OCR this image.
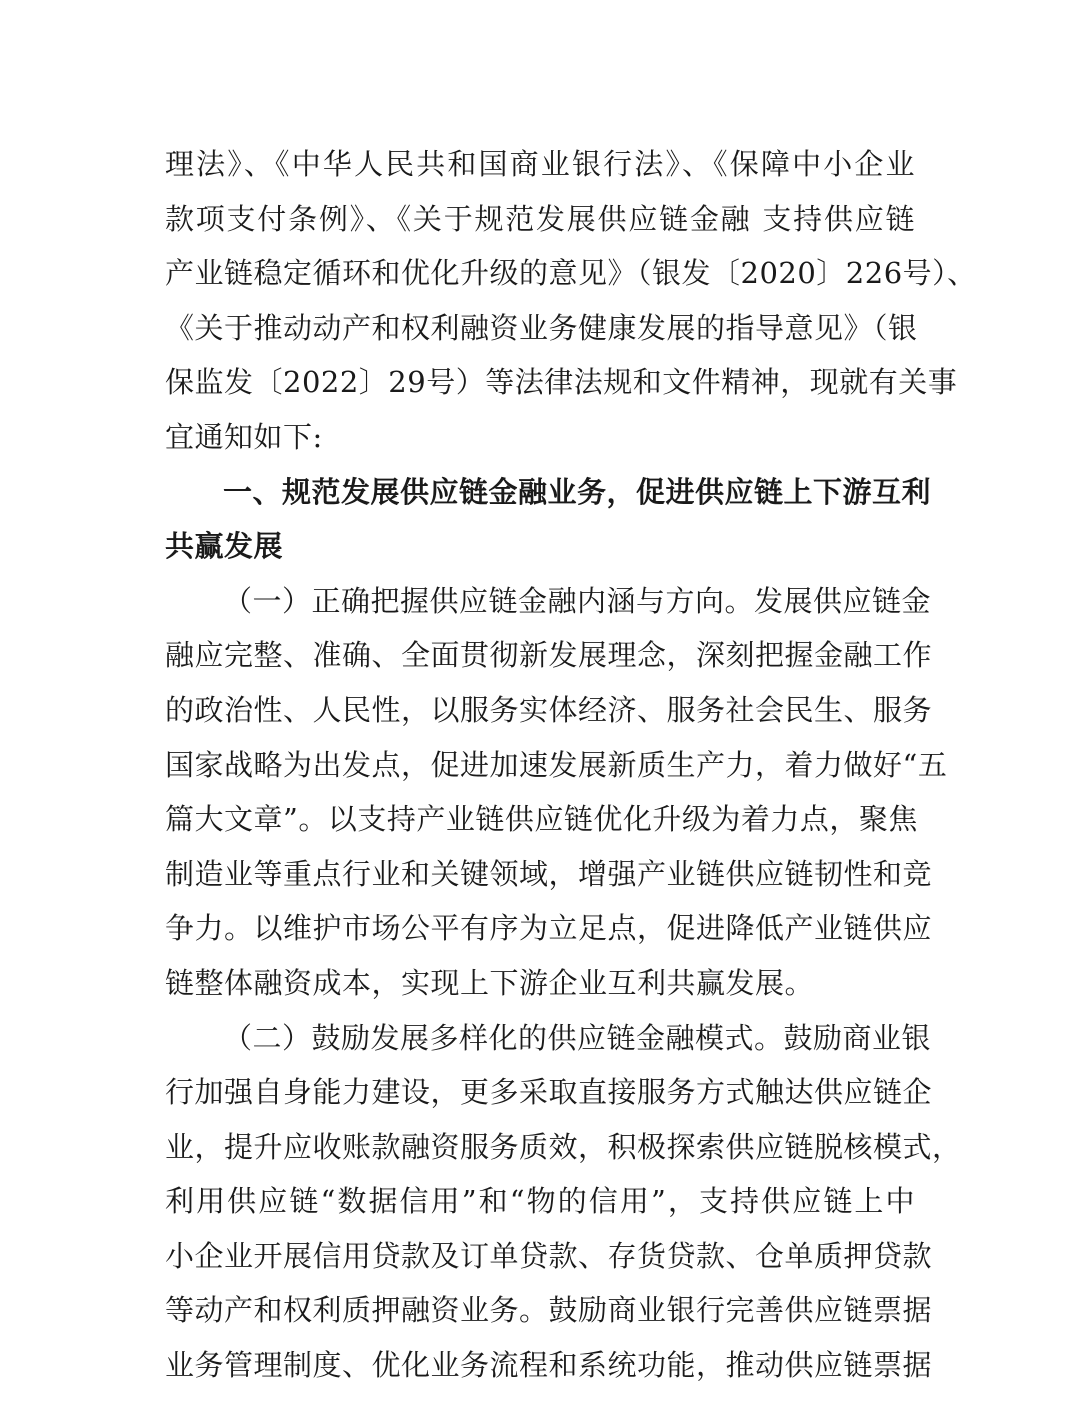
理法》、《中华人民共和国商业银行法》、《保障中小企业
款项支付条例》、《关于规范发展供应链金融 支持供应链
产业链稳定循环和优化升级的意见》（银发〔2020〕226号）、
《关于推动动产和权利融资业务健康发展的指导意见》（银
保监发〔2022〕29号）等法律法规和文件精神，现就有关事
宜通知如下:
一、规范发展供应链金融业务，促进供应链上下游互利
共赢发展
（一）正确把握供应链金融内涵与方向。发展供应链金
融应完整、准确、全面贯彻新发展理念，深刻把握金融工作
的政治性、人民性，以服务实体经济、服务社会民生、服务
国家战略为出发点，促进加速发展新质生产力，着力做好“五
篇大文章”。以支持产业链供应链优化升级为着力点，聚焦
制造业等重点行业和关键领域，增强产业链供应链韧性和竞
争力。以维护市场公平有序为立足点，促进降低产业链供应
链整体融资成本，实现上下游企业互利共赢发展。
（二）鼓励发展多样化的供应链金融模式。鼓励商业银
行加强自身能力建设，更多采取直接服务方式触达供应链企
业，提升应收账款融资服务质效，积极探索供应链脱核模式，
利用供应链“数据信用”和“物的信用”，支持供应链上中
小企业开展信用贷款及订单贷款、存货贷款、仓单质押贷款
等动产和权利质押融资业务。鼓励商业银行完善供应链票据
业务管理制度、优化业务流程和系统功能，推动供应链票据
